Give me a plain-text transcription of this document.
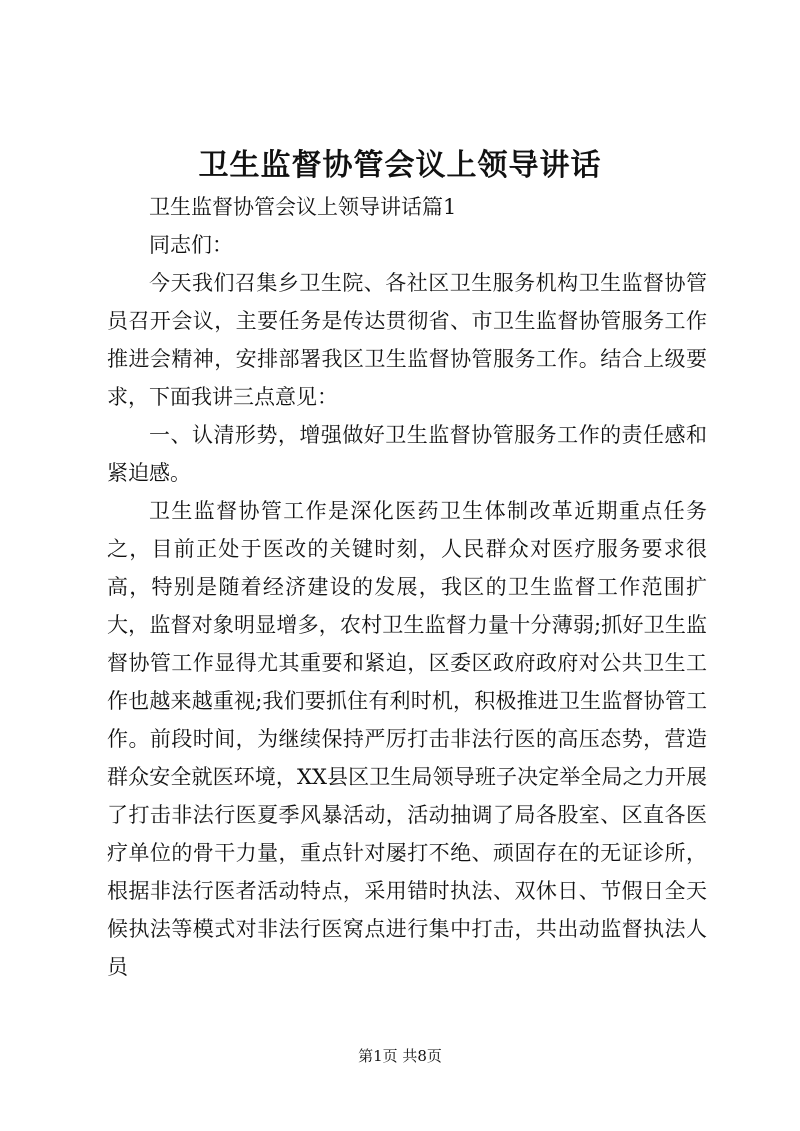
卫生监督协管会议上领导讲话

卫生监督协管会议上领导讲话篇1

同志们：

今天我们召集乡卫生院、各社区卫生服务机构卫生监督协管员召开会议，主要任务是传达贯彻省、市卫生监督协管服务工作推进会精神，安排部署我区卫生监督协管服务工作。结合上级要求，下面我讲三点意见：

一、认清形势，增强做好卫生监督协管服务工作的责任感和紧迫感。

卫生监督协管工作是深化医药卫生体制改革近期重点任务之，目前正处于医改的关键时刻，人民群众对医疗服务要求很高，特别是随着经济建设的发展，我区的卫生监督工作范围扩大，监督对象明显增多，农村卫生监督力量十分薄弱;抓好卫生监督协管工作显得尤其重要和紧迫，区委区政府政府对公共卫生工作也越来越重视;我们要抓住有利时机，积极推进卫生监督协管工作。前段时间，为继续保持严厉打击非法行医的高压态势，营造群众安全就医环境，XX县区卫生局领导班子决定举全局之力开展了打击非法行医夏季风暴活动，活动抽调了局各股室、区直各医疗单位的骨干力量，重点针对屡打不绝、顽固存在的无证诊所，根据非法行医者活动特点，采用错时执法、双休日、节假日全天候执法等模式对非法行医窝点进行集中打击，共出动监督执法人员

第1页 共8页
